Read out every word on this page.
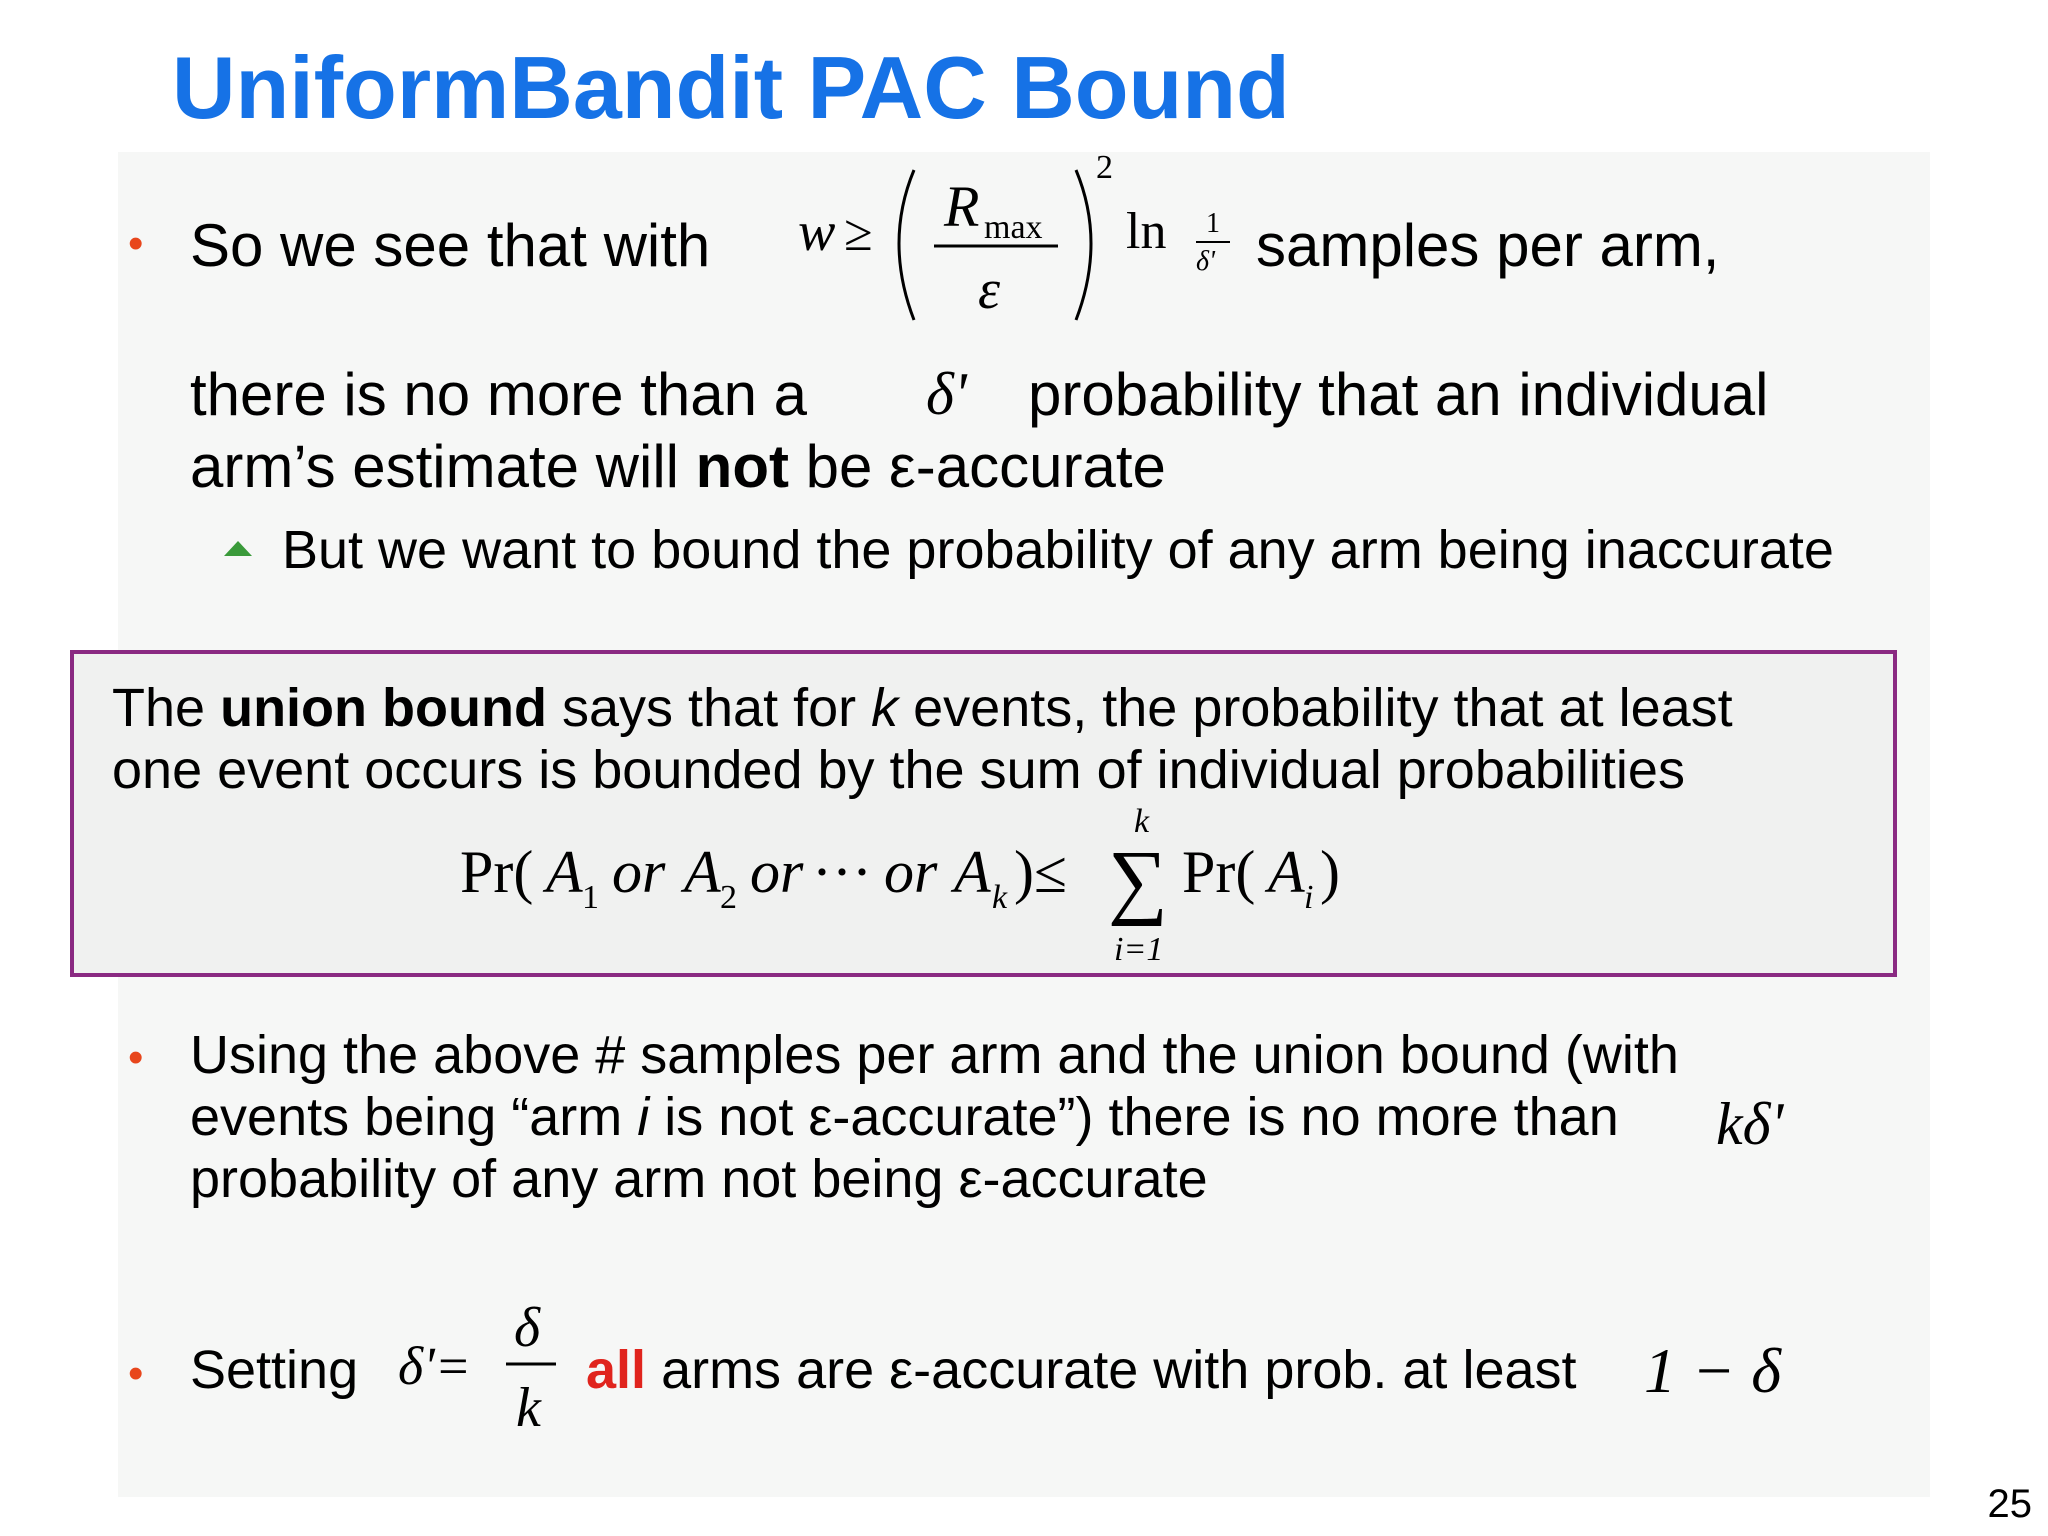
UniformBandit PAC Bound
• So we see that with w ≥ R max
ε
2
ln 1
δ' samples per arm,

there is no more than a δ' probability that an individual

arm’s estimate will not be ε-accurate

But we want to bound the probability of any arm being inaccurate

The union bound says that for k events, the probability that at least

one event occurs is bounded by the sum of individual probabilities

Pr( A 1 or A 2 or ··· or A k )≤
k
∑
i=1
Pr( A i )
• Using the above # samples per arm and the union bound (with

events being “arm i is not ε-accurate”) there is no more than kδ'

probability of any arm not being ε-accurate

• Setting δ'=
δ
k

all arms are ε-accurate with prob. at least 1 − δ
25
